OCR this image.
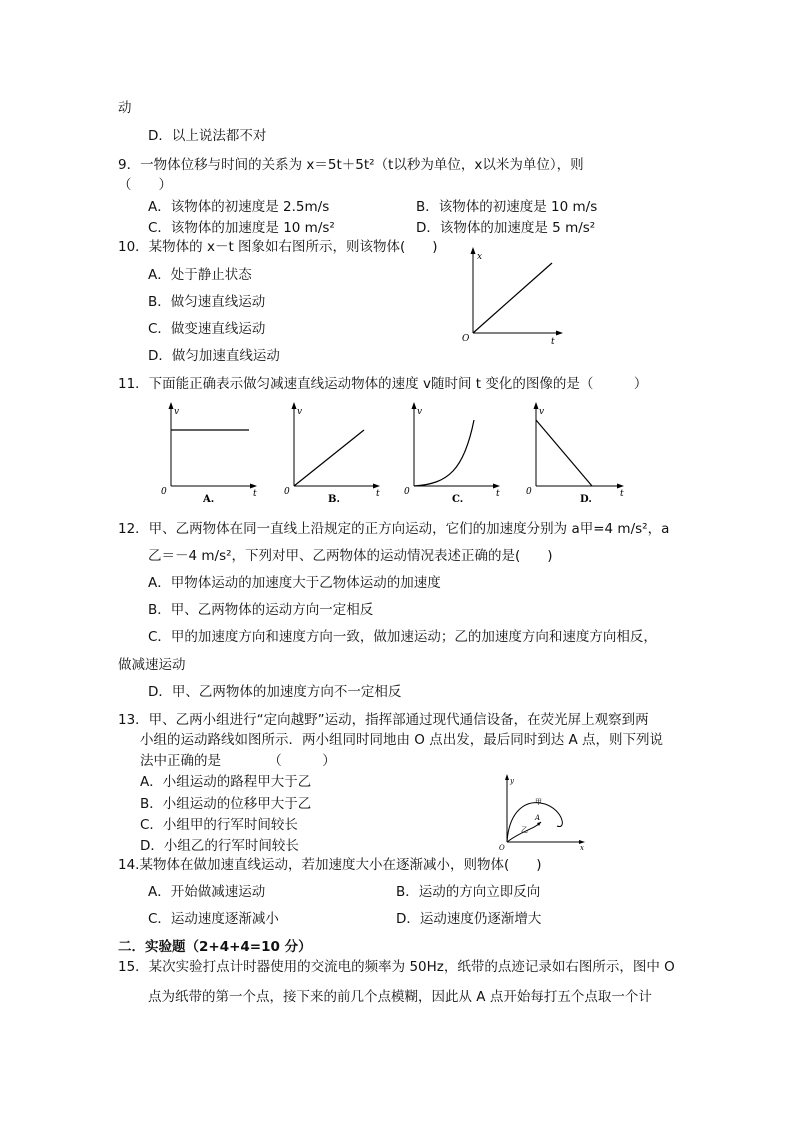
动
D．以上说法都不对
9．一物体位移与时间的关系为 x＝5t＋5t²（t以秒为单位，x以米为单位），则
（　　）
A．该物体的初速度是 2.5m/s	B．该物体的初速度是 10 m/s
C．该物体的加速度是 10 m/s²	D．该物体的加速度是 5 m/s²
10．某物体的 x－t 图象如右图所示，则该物体(　　)
A．处于静止状态
B．做匀速直线运动
C．做变速直线运动
D．做匀加速直线运动
x
t
O
11．下面能正确表示做匀减速直线运动物体的速度 v随时间 t 变化的图像的是（　　　）
v
t
0
A.
v
t
0
B.
v
t
0
C.
v
t
0
D.
12．甲、乙两物体在同一直线上沿规定的正方向运动，它们的加速度分别为 a甲=4 m/s²，a
乙＝－4 m/s²，下列对甲、乙两物体的运动情况表述正确的是(　　)
A．甲物体运动的加速度大于乙物体运动的加速度
B．甲、乙两物体的运动方向一定相反
C．甲的加速度方向和速度方向一致，做加速运动；乙的加速度方向和速度方向相反，
做减速运动
D．甲、乙两物体的加速度方向不一定相反
13．甲、乙两小组进行“定向越野”运动，指挥部通过现代通信设备，在荧光屏上观察到两
小组的运动路线如图所示．两小组同时同地由 O 点出发，最后同时到达 A 点，则下列说
法中正确的是　　　　（　　　）
A．小组运动的路程甲大于乙
B．小组运动的位移甲大于乙
C．小组甲的行军时间较长
D．小组乙的行军时间较长
y
x
O
甲
乙
A
14.某物体在做加速直线运动，若加速度大小在逐渐减小，则物体(　　)
A．开始做减速运动	B．运动的方向立即反向
C．运动速度逐渐减小	D．运动速度仍逐渐增大
二．实验题（2+4+4=10 分）
15．某次实验打点计时器使用的交流电的频率为 50Hz，纸带的点迹记录如右图所示，图中 O
点为纸带的第一个点，接下来的前几个点模糊，因此从 A 点开始每打五个点取一个计
